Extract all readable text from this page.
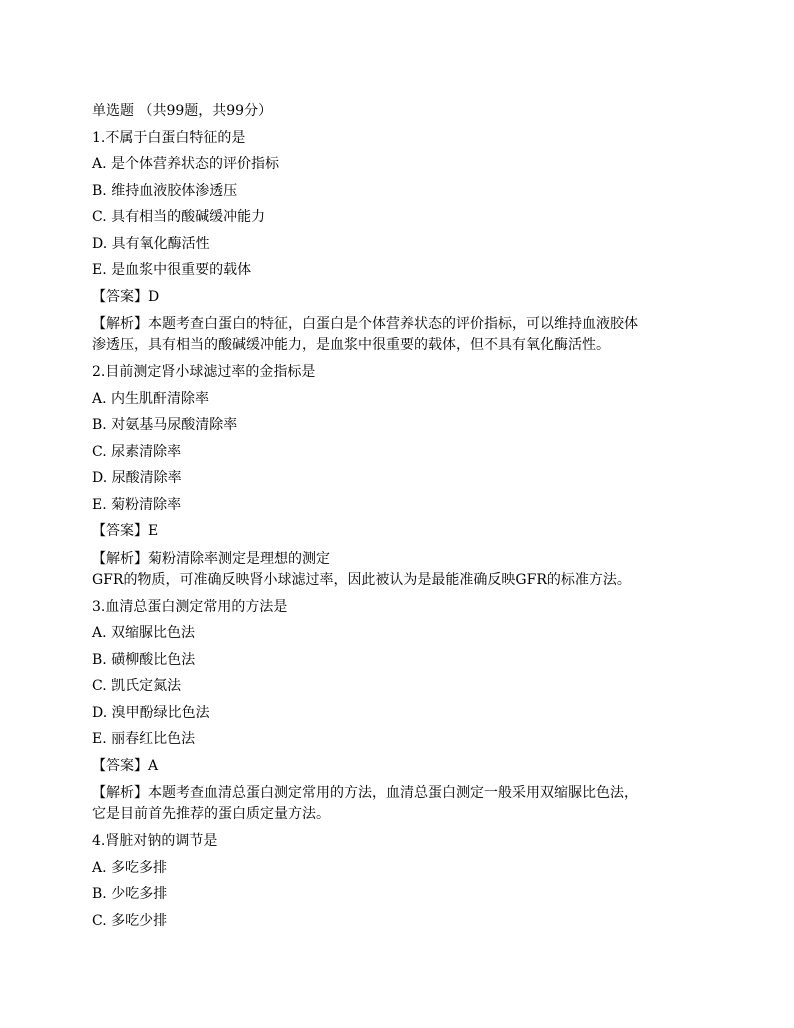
单选题 （共99题，共99分）
1.不属于白蛋白特征的是
A. 是个体营养状态的评价指标
B. 维持血液胶体渗透压
C. 具有相当的酸碱缓冲能力
D. 具有氧化酶活性
E. 是血浆中很重要的载体
【答案】D
【解析】本题考查白蛋白的特征，白蛋白是个体营养状态的评价指标，可以维持血液胶体
渗透压，具有相当的酸碱缓冲能力，是血浆中很重要的载体，但不具有氧化酶活性。
2.目前测定肾小球滤过率的金指标是
A. 内生肌酐清除率
B. 对氨基马尿酸清除率
C. 尿素清除率
D. 尿酸清除率
E. 菊粉清除率
【答案】E
【解析】菊粉清除率测定是理想的测定
GFR的物质，可准确反映肾小球滤过率，因此被认为是最能准确反映GFR的标准方法。
3.血清总蛋白测定常用的方法是
A. 双缩脲比色法
B. 磺柳酸比色法
C. 凯氏定氮法
D. 溴甲酚绿比色法
E. 丽春红比色法
【答案】A
【解析】本题考查血清总蛋白测定常用的方法，血清总蛋白测定一般采用双缩脲比色法，
它是目前首先推荐的蛋白质定量方法。
4.肾脏对钠的调节是
A. 多吃多排
B. 少吃多排
C. 多吃少排
